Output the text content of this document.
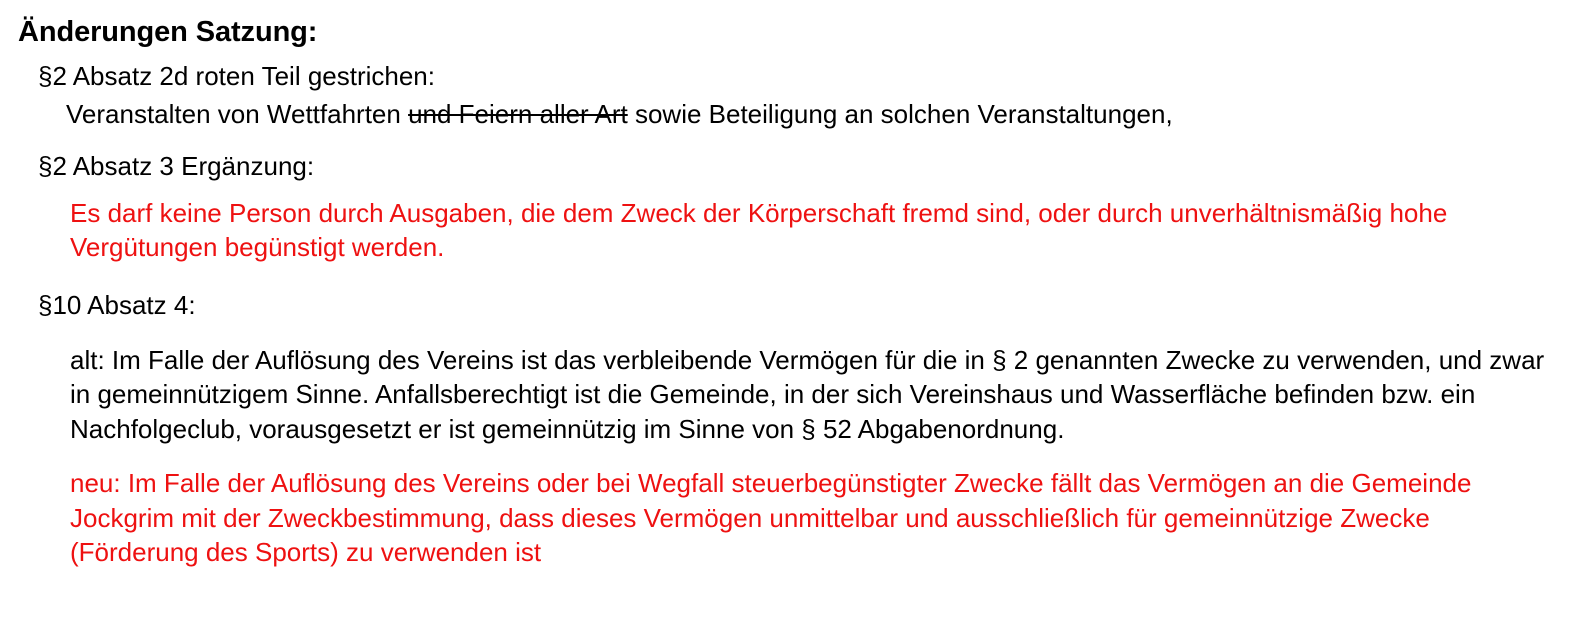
Änderungen Satzung:
§2 Absatz 2d roten Teil gestrichen:
Veranstalten von Wettfahrten und Feiern aller Art sowie Beteiligung an solchen Veranstaltungen,
§2 Absatz 3 Ergänzung:
Es darf keine Person durch Ausgaben, die dem Zweck der Körperschaft fremd sind, oder durch unverhältnismäßig hohe Vergütungen begünstigt werden.
§10 Absatz 4:
alt: Im Falle der Auflösung des Vereins ist das verbleibende Vermögen für die in § 2 genannten Zwecke zu verwenden, und zwar in gemeinnützigem Sinne. Anfallsberechtigt ist die Gemeinde, in der sich Vereinshaus und Wasserfläche befinden bzw. ein Nachfolgeclub, vorausgesetzt er ist gemeinnützig im Sinne von § 52 Abgabenordnung.
neu: Im Falle der Auflösung des Vereins oder bei Wegfall steuerbegünstigter Zwecke fällt das Vermögen an die Gemeinde Jockgrim mit der Zweckbestimmung, dass dieses Vermögen unmittelbar und ausschließlich für gemeinnützige Zwecke (Förderung des Sports) zu verwenden ist
